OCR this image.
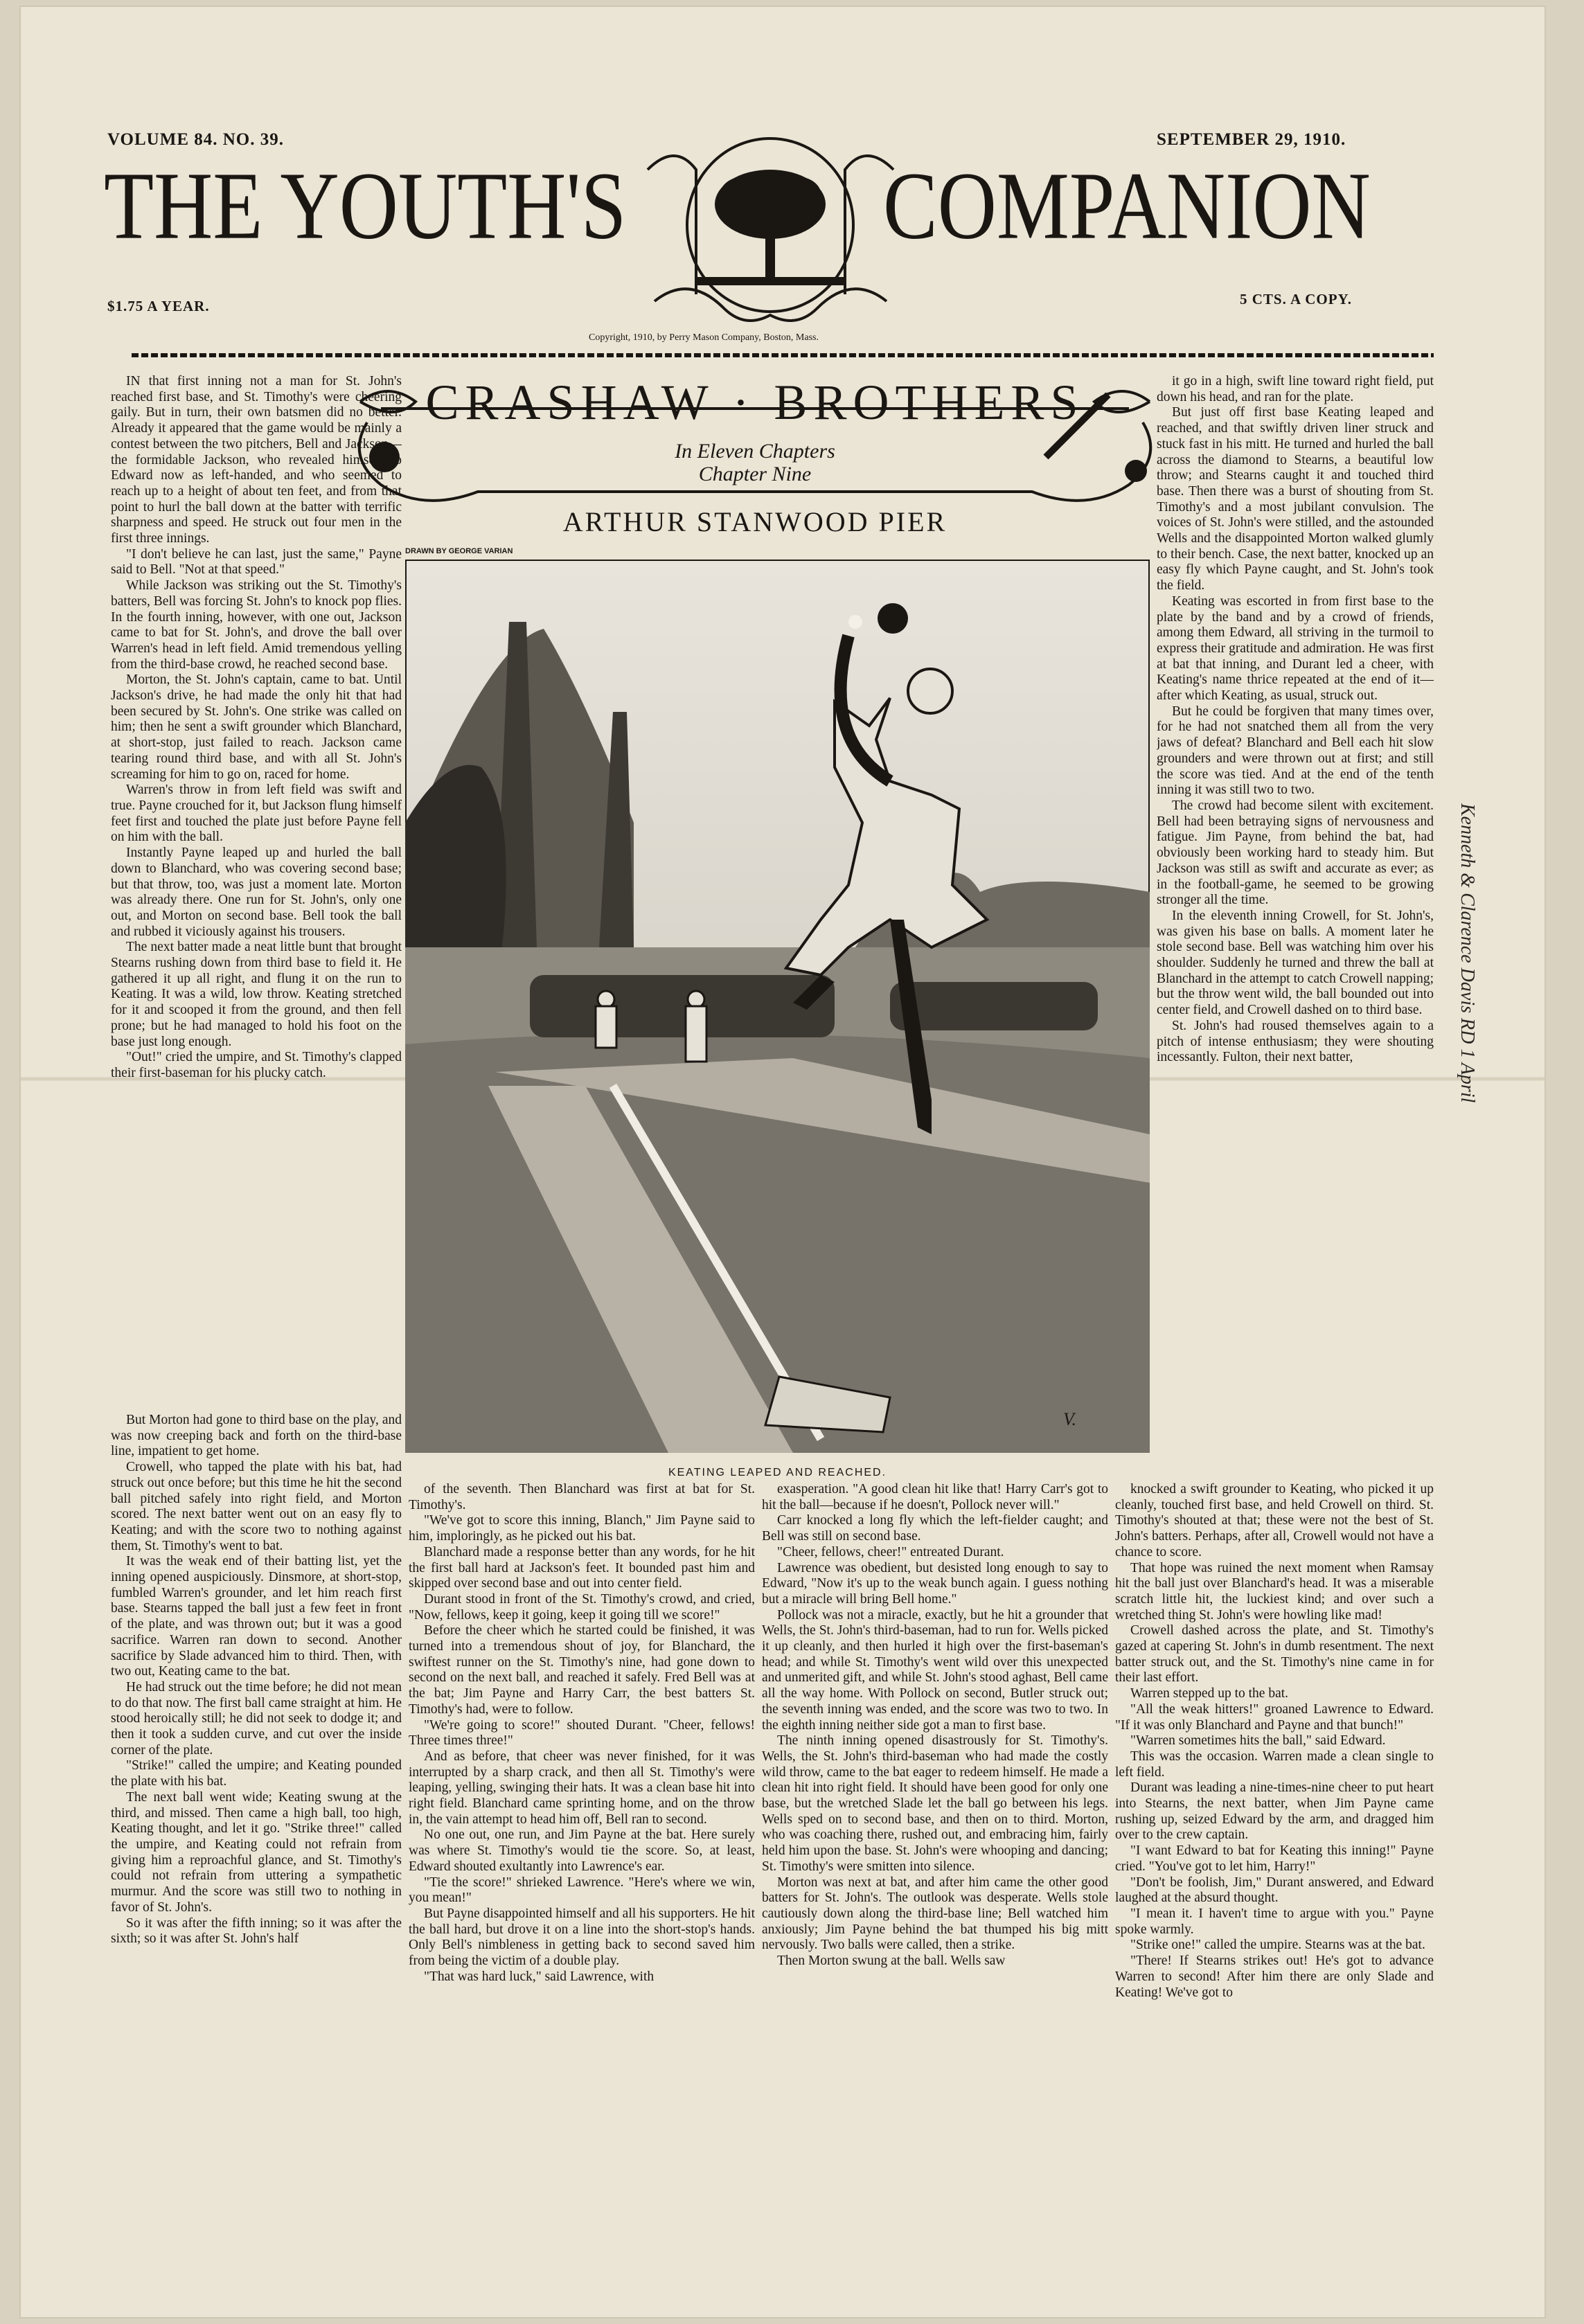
VOLUME 84. NO. 39.	SEPTEMBER 29, 1910.
THE YOUTH'S	COMPANION
Copyright, 1910, by Perry Mason Company, Boston, Mass.
$1.75 A YEAR.	5 CTS. A COPY.
CRASHAW · BROTHERS
In Eleven Chapters
Chapter Nine
ARTHUR STANWOOD PIER
DRAWN BY GEORGE VARIAN
V.
KEATING LEAPED AND REACHED.

IN that first inning not a man for St. John's reached first base, and St. Timothy's were cheering gaily. But in turn, their own batsmen did no better. Already it appeared that the game would be mainly a contest between the two pitchers, Bell and Jackson—the formidable Jackson, who revealed himself to Edward now as left-handed, and who seemed to reach up to a height of about ten feet, and from that point to hurl the ball down at the batter with terrific sharpness and speed. He struck out four men in the first three innings.

"I don't believe he can last, just the same," Payne said to Bell. "Not at that speed."

While Jackson was striking out the St. Timothy's batters, Bell was forcing St. John's to knock pop flies. In the fourth inning, however, with one out, Jackson came to bat for St. John's, and drove the ball over Warren's head in left field. Amid tremendous yelling from the third-base crowd, he reached second base.

Morton, the St. John's captain, came to bat. Until Jackson's drive, he had made the only hit that had been secured by St. John's. One strike was called on him; then he sent a swift grounder which Blanchard, at short-stop, just failed to reach. Jackson came tearing round third base, and with all St. John's screaming for him to go on, raced for home.

Warren's throw in from left field was swift and true. Payne crouched for it, but Jackson flung himself feet first and touched the plate just before Payne fell on him with the ball.

Instantly Payne leaped up and hurled the ball down to Blanchard, who was covering second base; but that throw, too, was just a moment late. Morton was already there. One run for St. John's, only one out, and Morton on second base. Bell took the ball and rubbed it viciously against his trousers.

The next batter made a neat little bunt that brought Stearns rushing down from third base to field it. He gathered it up all right, and flung it on the run to Keating. It was a wild, low throw. Keating stretched for it and scooped it from the ground, and then fell prone; but he had managed to hold his foot on the base just long enough.

"Out!" cried the umpire, and St. Timothy's clapped their first-baseman for his plucky catch.

But Morton had gone to third base on the play, and was now creeping back and forth on the third-base line, impatient to get home.

Crowell, who tapped the plate with his bat, had struck out once before; but this time he hit the second ball pitched safely into right field, and Morton scored. The next batter went out on an easy fly to Keating; and with the score two to nothing against them, St. Timothy's went to bat.

It was the weak end of their batting list, yet the inning opened auspiciously. Dinsmore, at short-stop, fumbled Warren's grounder, and let him reach first base. Stearns tapped the ball just a few feet in front of the plate, and was thrown out; but it was a good sacrifice. Warren ran down to second. Another sacrifice by Slade advanced him to third. Then, with two out, Keating came to the bat.

He had struck out the time before; he did not mean to do that now. The first ball came straight at him. He stood heroically still; he did not seek to dodge it; and then it took a sudden curve, and cut over the inside corner of the plate.

"Strike!" called the umpire; and Keating pounded the plate with his bat.

The next ball went wide; Keating swung at the third, and missed. Then came a high ball, too high, Keating thought, and let it go. "Strike three!" called the umpire, and Keating could not refrain from giving him a reproachful glance, and St. Timothy's could not refrain from uttering a sympathetic murmur. And the score was still two to nothing in favor of St. John's.

So it was after the fifth inning; so it was after the sixth; so it was after St. John's half

of the seventh. Then Blanchard was first at bat for St. Timothy's.

"We've got to score this inning, Blanch," Jim Payne said to him, imploringly, as he picked out his bat.

Blanchard made a response better than any words, for he hit the first ball hard at Jackson's feet. It bounded past him and skipped over second base and out into center field.

Durant stood in front of the St. Timothy's crowd, and cried, "Now, fellows, keep it going, keep it going till we score!"

Before the cheer which he started could be finished, it was turned into a tremendous shout of joy, for Blanchard, the swiftest runner on the St. Timothy's nine, had gone down to second on the next ball, and reached it safely. Fred Bell was at the bat; Jim Payne and Harry Carr, the best batters St. Timothy's had, were to follow.

"We're going to score!" shouted Durant. "Cheer, fellows! Three times three!"

And as before, that cheer was never finished, for it was interrupted by a sharp crack, and then all St. Timothy's were leaping, yelling, swinging their hats. It was a clean base hit into right field. Blanchard came sprinting home, and on the throw in, the vain attempt to head him off, Bell ran to second.

No one out, one run, and Jim Payne at the bat. Here surely was where St. Timothy's would tie the score. So, at least, Edward shouted exultantly into Lawrence's ear.

"Tie the score!" shrieked Lawrence. "Here's where we win, you mean!"

But Payne disappointed himself and all his supporters. He hit the ball hard, but drove it on a line into the short-stop's hands. Only Bell's nimbleness in getting back to second saved him from being the victim of a double play.

"That was hard luck," said Lawrence, with

exasperation. "A good clean hit like that! Harry Carr's got to hit the ball—because if he doesn't, Pollock never will."

Carr knocked a long fly which the left-fielder caught; and Bell was still on second base.

"Cheer, fellows, cheer!" entreated Durant.

Lawrence was obedient, but desisted long enough to say to Edward, "Now it's up to the weak bunch again. I guess nothing but a miracle will bring Bell home."

Pollock was not a miracle, exactly, but he hit a grounder that Wells, the St. John's third-baseman, had to run for. Wells picked it up cleanly, and then hurled it high over the first-baseman's head; and while St. Timothy's went wild over this unexpected and unmerited gift, and while St. John's stood aghast, Bell came all the way home. With Pollock on second, Butler struck out; the seventh inning was ended, and the score was two to two. In the eighth inning neither side got a man to first base.

The ninth inning opened disastrously for St. Timothy's. Wells, the St. John's third-baseman who had made the costly wild throw, came to the bat eager to redeem himself. He made a clean hit into right field. It should have been good for only one base, but the wretched Slade let the ball go between his legs. Wells sped on to second base, and then on to third. Morton, who was coaching there, rushed out, and embracing him, fairly held him upon the base. St. John's were whooping and dancing; St. Timothy's were smitten into silence.

Morton was next at bat, and after him came the other good batters for St. John's. The outlook was desperate. Wells stole cautiously down along the third-base line; Bell watched him anxiously; Jim Payne behind the bat thumped his big mitt nervously. Two balls were called, then a strike.

Then Morton swung at the ball. Wells saw

it go in a high, swift line toward right field, put down his head, and ran for the plate.

But just off first base Keating leaped and reached, and that swiftly driven liner struck and stuck fast in his mitt. He turned and hurled the ball across the diamond to Stearns, a beautiful low throw; and Stearns caught it and touched third base. Then there was a burst of shouting from St. Timothy's and a most jubilant convulsion. The voices of St. John's were stilled, and the astounded Wells and the disappointed Morton walked glumly to their bench. Case, the next batter, knocked up an easy fly which Payne caught, and St. John's took the field.

Keating was escorted in from first base to the plate by the band and by a crowd of friends, among them Edward, all striving in the turmoil to express their gratitude and admiration. He was first at bat that inning, and Durant led a cheer, with Keating's name thrice repeated at the end of it—after which Keating, as usual, struck out.

But he could be forgiven that many times over, for he had not snatched them all from the very jaws of defeat? Blanchard and Bell each hit slow grounders and were thrown out at first; and still the score was tied. And at the end of the tenth inning it was still two to two.

The crowd had become silent with excitement. Bell had been betraying signs of nervousness and fatigue. Jim Payne, from behind the bat, had obviously been working hard to steady him. But Jackson was still as swift and accurate as ever; as in the football-game, he seemed to be growing stronger all the time.

In the eleventh inning Crowell, for St. John's, was given his base on balls. A moment later he stole second base. Bell was watching him over his shoulder. Suddenly he turned and threw the ball at Blanchard in the attempt to catch Crowell napping; but the throw went wild, the ball bounded out into center field, and Crowell dashed on to third base.

St. John's had roused themselves again to a pitch of intense enthusiasm; they were shouting incessantly. Fulton, their next batter,

knocked a swift grounder to Keating, who picked it up cleanly, touched first base, and held Crowell on third. St. Timothy's shouted at that; these were not the best of St. John's batters. Perhaps, after all, Crowell would not have a chance to score.

That hope was ruined the next moment when Ramsay hit the ball just over Blanchard's head. It was a miserable scratch little hit, the luckiest kind; and over such a wretched thing St. John's were howling like mad!

Crowell dashed across the plate, and St. Timothy's gazed at capering St. John's in dumb resentment. The next batter struck out, and the St. Timothy's nine came in for their last effort.

Warren stepped up to the bat.

"All the weak hitters!" groaned Lawrence to Edward. "If it was only Blanchard and Payne and that bunch!"

"Warren sometimes hits the ball," said Edward.

This was the occasion. Warren made a clean single to left field.

Durant was leading a nine-times-nine cheer to put heart into Stearns, the next batter, when Jim Payne came rushing up, seized Edward by the arm, and dragged him over to the crew captain.

"I want Edward to bat for Keating this inning!" Payne cried. "You've got to let him, Harry!"

"Don't be foolish, Jim," Durant answered, and Edward laughed at the absurd thought.

"I mean it. I haven't time to argue with you." Payne spoke warmly.

"Strike one!" called the umpire. Stearns was at the bat.

"There! If Stearns strikes out! He's got to advance Warren to second! After him there are only Slade and Keating! We've got to

Kenneth & Clarence Davis RD 1 April
